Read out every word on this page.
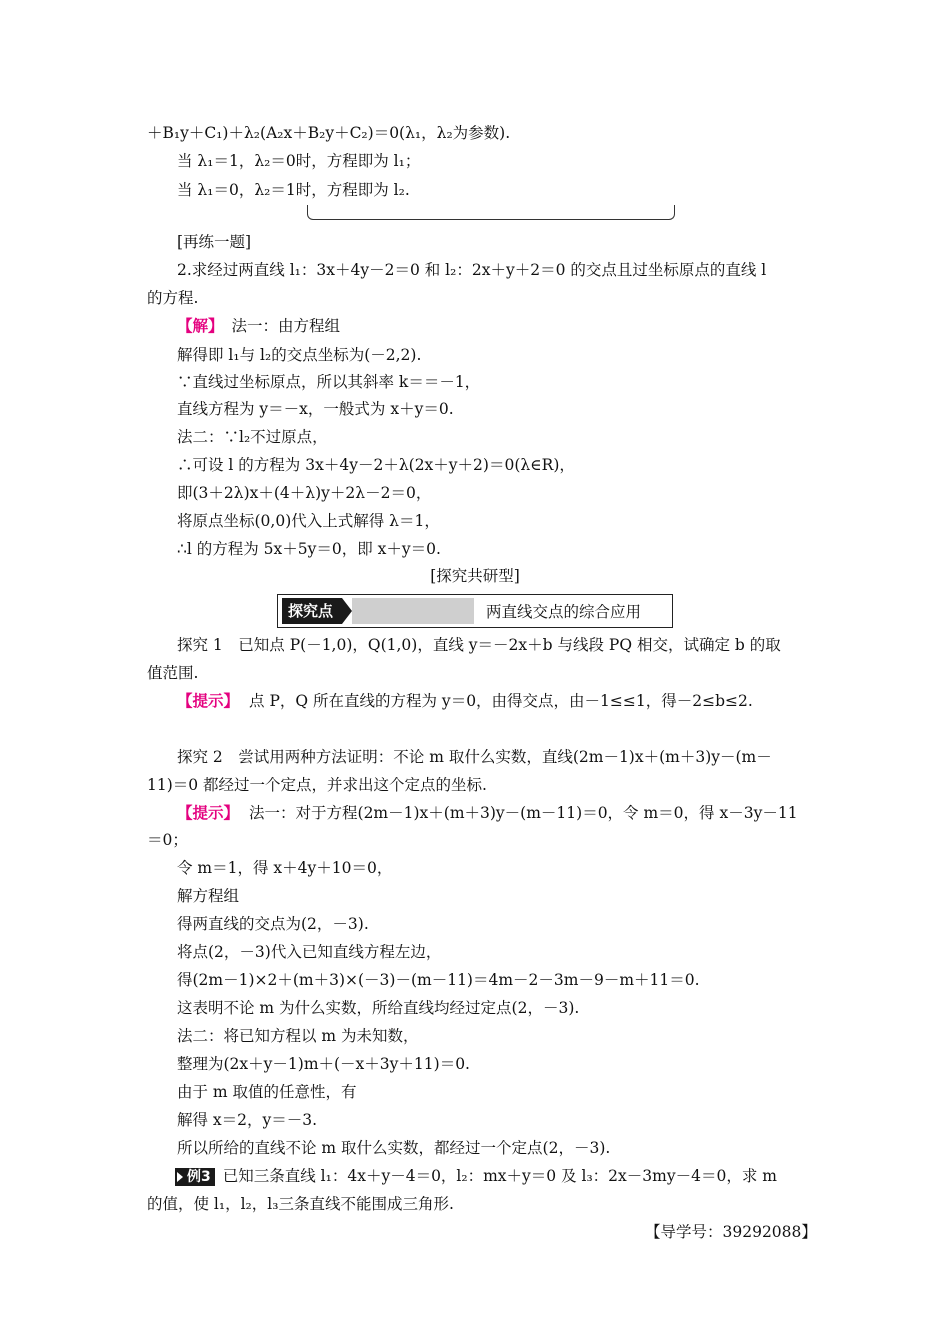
＋B₁y＋C₁)＋λ₂(A₂x＋B₂y＋C₂)＝0(λ₁，λ₂为参数).
当 λ₁＝1，λ₂＝0时，方程即为 l₁；
当 λ₁＝0，λ₂＝1时，方程即为 l₂.
[再练一题]
2.求经过两直线 l₁：3x＋4y－2＝0 和 l₂：2x＋y＋2＝0 的交点且过坐标原点的直线 l
的方程.
解得即 l₁与 l₂的交点坐标为(－2,2).
∵直线过坐标原点，所以其斜率 k＝＝－1，
直线方程为 y＝－x，一般式为 x＋y＝0.
法二：∵l₂不过原点，
∴可设 l 的方程为 3x＋4y－2＋λ(2x＋y＋2)＝0(λ∈R)，
即(3＋2λ)x＋(4＋λ)y＋2λ－2＝0，
将原点坐标(0,0)代入上式解得 λ＝1，
∴l 的方程为 5x＋5y＝0，即 x＋y＝0.
探究 1　已知点 P(－1,0)，Q(1,0)，直线 y＝－2x＋b 与线段 PQ 相交，试确定 b 的取
值范围.
探究 2　尝试用两种方法证明：不论 m 取什么实数，直线(2m－1)x＋(m＋3)y－(m－
11)＝0 都经过一个定点，并求出这个定点的坐标.
＝0；
令 m＝1，得 x＋4y＋10＝0，
解方程组
得两直线的交点为(2，－3).
将点(2，－3)代入已知直线方程左边，
得(2m－1)×2＋(m＋3)×(－3)－(m－11)＝4m－2－3m－9－m＋11＝0.
这表明不论 m 为什么实数，所给直线均经过定点(2，－3).
法二：将已知方程以 m 为未知数，
整理为(2x＋y－1)m＋(－x＋3y＋11)＝0.
由于 m 取值的任意性，有
解得 x＝2，y＝－3.
所以所给的直线不论 m 取什么实数，都经过一个定点(2，－3).
的值，使 l₁，l₂，l₃三条直线不能围成三角形.
【解】 法一：由方程组
[探究共研型]
探究点	两直线交点的综合应用
【提示】 点 P，Q 所在直线的方程为 y＝0，由得交点，由－1≤≤1，得－2≤b≤2.
【提示】 法一：对于方程(2m－1)x＋(m＋3)y－(m－11)＝0，令 m＝0，得 x－3y－11
例3 已知三条直线 l₁：4x＋y－4＝0，l₂：mx＋y＝0 及 l₃：2x－3my－4＝0，求 m
【导学号：39292088】
